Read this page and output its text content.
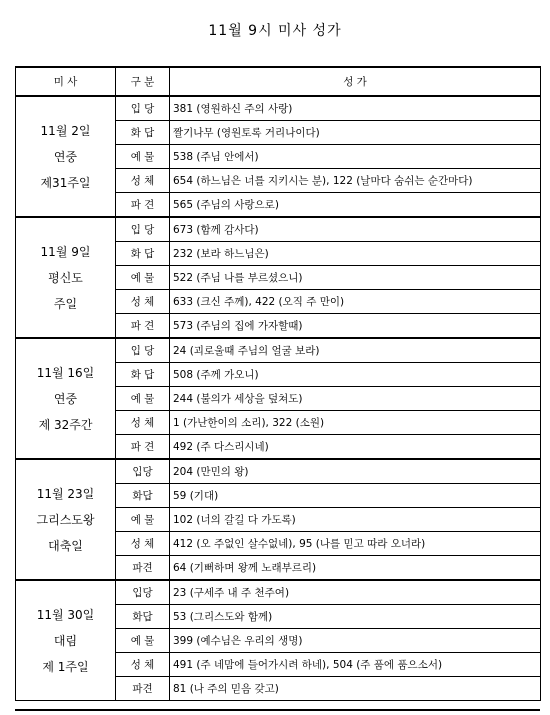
11월 9시 미사 성가
미 사	구 분	성 가

11월 2일
연중
제31주일	입 당	381 (영원하신 주의 사랑)
	화 답	짤기나무 (영원토록 거리나이다)
	예 물	538 (주님 안에서)
	성 체	654 (하느님은 너를 지키시는 분), 122 (날마다 숨쉬는 순간마다)
	파 견	565 (주님의 사랑으로)

11월 9일
평신도
주일	입 당	673 (함께 감사다)
	화 답	232 (보라 하느님은)
	예 물	522 (주님 나를 부르셨으니)
	성 체	633 (크신 주께), 422 (오직 주 만이)
	파 견	573 (주님의 집에 가자할때)

11월 16일
연중
제 32주간	입 당	24 (괴로울때 주님의 얼굴 보라)
	화 답	508 (주께 가오니)
	예 물	244 (불의가 세상을 덮쳐도)
	성 체	1 (가난한이의 소리), 322 (소원)
	파 견	492 (주 다스리시네)

11월 23일
그리스도왕
대축일	입당	204 (만민의 왕)
	화답	59 (기대)
	예 물	102 (너의 갈길 다 가도록)
	성 체	412 (오 주없인 살수없네), 95 (나를 믿고 따라 오너라)
	파견	64 (기뻐하며 왕께 노래부르리)

11월 30일
대림
제 1주일	입당	23 (구세주 내 주 천주여)
	화답	53 (그리스도와 함께)
	예 물	399 (예수님은 우리의 생명)
	성 체	491 (주 네맘에 들어가시려 하네), 504 (주 품에 품으소서)
	파견	81 (나 주의 믿음 갖고)
